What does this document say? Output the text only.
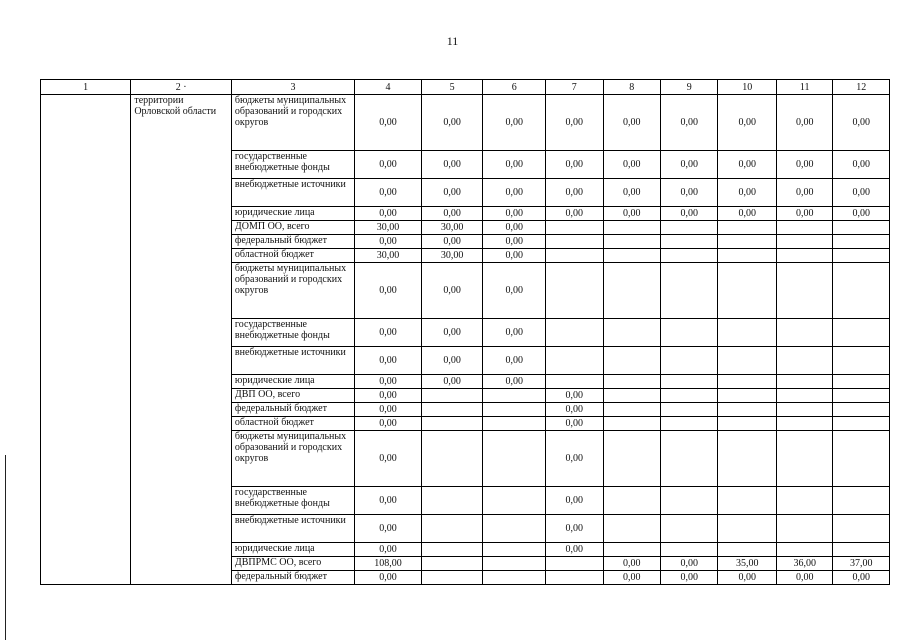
11
1	2 ·	3	4	5	6	7	8	9	10	11	12
	территории Орловской области	бюджеты муниципальных образований и городских округов	0,00	0,00	0,00	0,00	0,00	0,00	0,00	0,00	0,00
		государственные внебюджетные фонды	0,00	0,00	0,00	0,00	0,00	0,00	0,00	0,00	0,00
		внебюджетные источники	0,00	0,00	0,00	0,00	0,00	0,00	0,00	0,00	0,00
		юридические лица	0,00	0,00	0,00	0,00	0,00	0,00	0,00	0,00	0,00
		ДОМП ОО, всего	30,00	30,00	0,00						
		федеральный бюджет	0,00	0,00	0,00						
		областной бюджет	30,00	30,00	0,00						
		бюджеты муниципальных образований и городских округов	0,00	0,00	0,00						
		государственные внебюджетные фонды	0,00	0,00	0,00						
		внебюджетные источники	0,00	0,00	0,00						
		юридические лица	0,00	0,00	0,00						
		ДВП ОО, всего	0,00			0,00					
		федеральный бюджет	0,00			0,00					
		областной бюджет	0,00			0,00					
		бюджеты муниципальных образований и городских округов	0,00			0,00					
		государственные внебюджетные фонды	0,00			0,00					
		внебюджетные источники	0,00			0,00					
		юридические лица	0,00			0,00					
		ДВПРМС ОО, всего	108,00				0,00	0,00	35,00	36,00	37,00
		федеральный бюджет	0,00				0,00	0,00	0,00	0,00	0,00
